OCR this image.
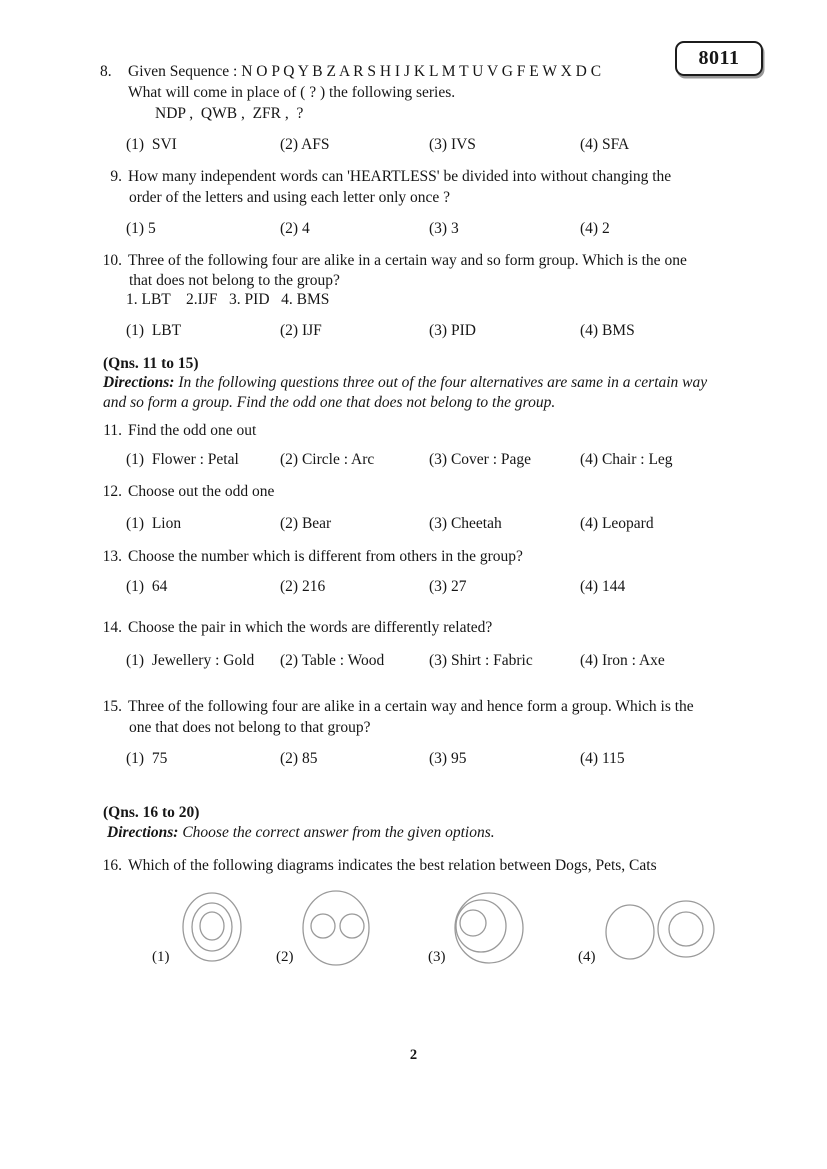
8011
8. Given Sequence : N O P Q Y B Z A R S H I J K L M T U V G F E W X D C
What will come in place of ( ? ) the following series.
NDP ,  QWB ,  ZFR ,  ?
(1)  SVI	(2) AFS	(3) IVS	(4) SFA
9. How many independent words can 'HEARTLESS' be divided into without changing the
order of the letters and using each letter only once ?
(1) 5	(2) 4	(3) 3	(4) 2
10. Three of the following four are alike in a certain way and so form group. Which is the one
that does not belong to the group?
1. LBT    2.IJF   3. PID   4. BMS
(1)  LBT	(2) IJF	(3) PID	(4) BMS
(Qns. 11 to 15)
Directions: In the following questions three out of the four alternatives are same in a certain way
and so form a group. Find the odd one that does not belong to the group.
11. Find the odd one out
(1)  Flower : Petal	(2) Circle : Arc	(3) Cover : Page	(4) Chair : Leg
12. Choose out the odd one
(1)  Lion	(2) Bear	(3) Cheetah	(4) Leopard
13. Choose the number which is different from others in the group?
(1)  64	(2) 216	(3) 27	(4) 144
14. Choose the pair in which the words are differently related?
(1)  Jewellery : Gold (2) Table : Wood	(3) Shirt : Fabric	(4) Iron : Axe
15. Three of the following four are alike in a certain way and hence form a group. Which is the
one that does not belong to that group?
(1)  75	(2) 85	(3) 95	(4) 115
(Qns. 16 to 20)
Directions: Choose the correct answer from the given options.
16. Which of the following diagrams indicates the best relation between Dogs, Pets, Cats
(1)	(2)	(3)	(4)
2
